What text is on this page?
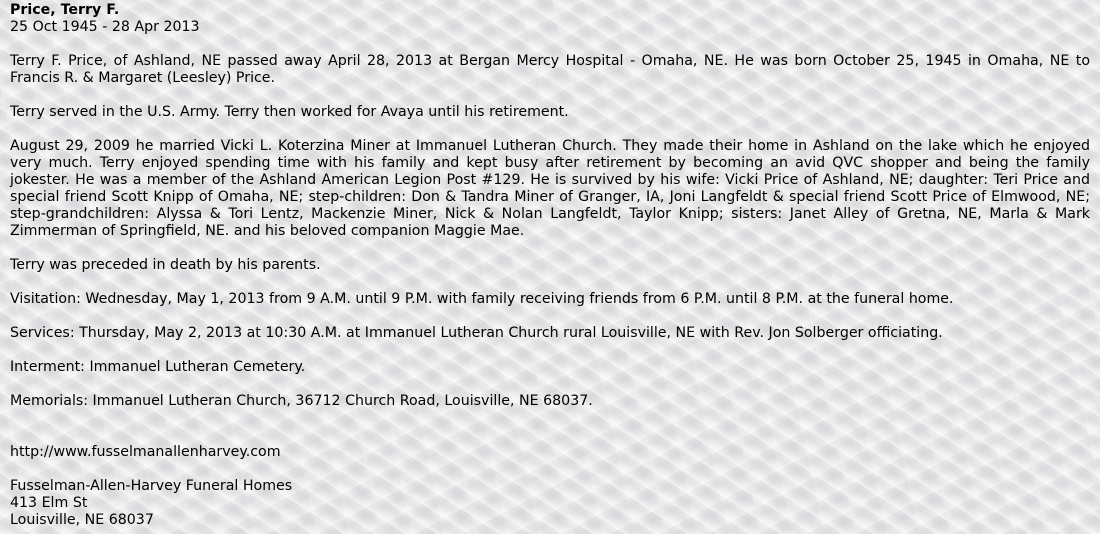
Price, Terry F.
25 Oct 1945 - 28 Apr 2013

Terry F. Price, of Ashland, NE passed away April 28, 2013 at Bergan Mercy Hospital - Omaha, NE. He was born October 25, 1945 in Omaha, NE to Francis R. & Margaret (Leesley) Price.

Terry served in the U.S. Army. Terry then worked for Avaya until his retirement.

August 29, 2009 he married Vicki L. Koterzina Miner at Immanuel Lutheran Church. They made their home in Ashland on the lake which he enjoyed very much. Terry enjoyed spending time with his family and kept busy after retirement by becoming an avid QVC shopper and being the family jokester. He was a member of the Ashland American Legion Post #129. He is survived by his wife: Vicki Price of Ashland, NE; daughter: Teri Price and special friend Scott Knipp of Omaha, NE; step-children: Don & Tandra Miner of Granger, IA, Joni Langfeldt & special friend Scott Price of Elmwood, NE; step-grandchildren: Alyssa & Tori Lentz, Mackenzie Miner, Nick & Nolan Langfeldt, Taylor Knipp; sisters: Janet Alley of Gretna, NE, Marla & Mark Zimmerman of Springfield, NE. and his beloved companion Maggie Mae.

Terry was preceded in death by his parents.

Visitation: Wednesday, May 1, 2013 from 9 A.M. until 9 P.M. with family receiving friends from 6 P.M. until 8 P.M. at the funeral home.

Services: Thursday, May 2, 2013 at 10:30 A.M. at Immanuel Lutheran Church rural Louisville, NE with Rev. Jon Solberger officiating.

Interment: Immanuel Lutheran Cemetery.

Memorials: Immanuel Lutheran Church, 36712 Church Road, Louisville, NE 68037.

http://www.fusselmanallenharvey.com
Fusselman-Allen-Harvey Funeral Homes
413 Elm St
Louisville, NE 68037
